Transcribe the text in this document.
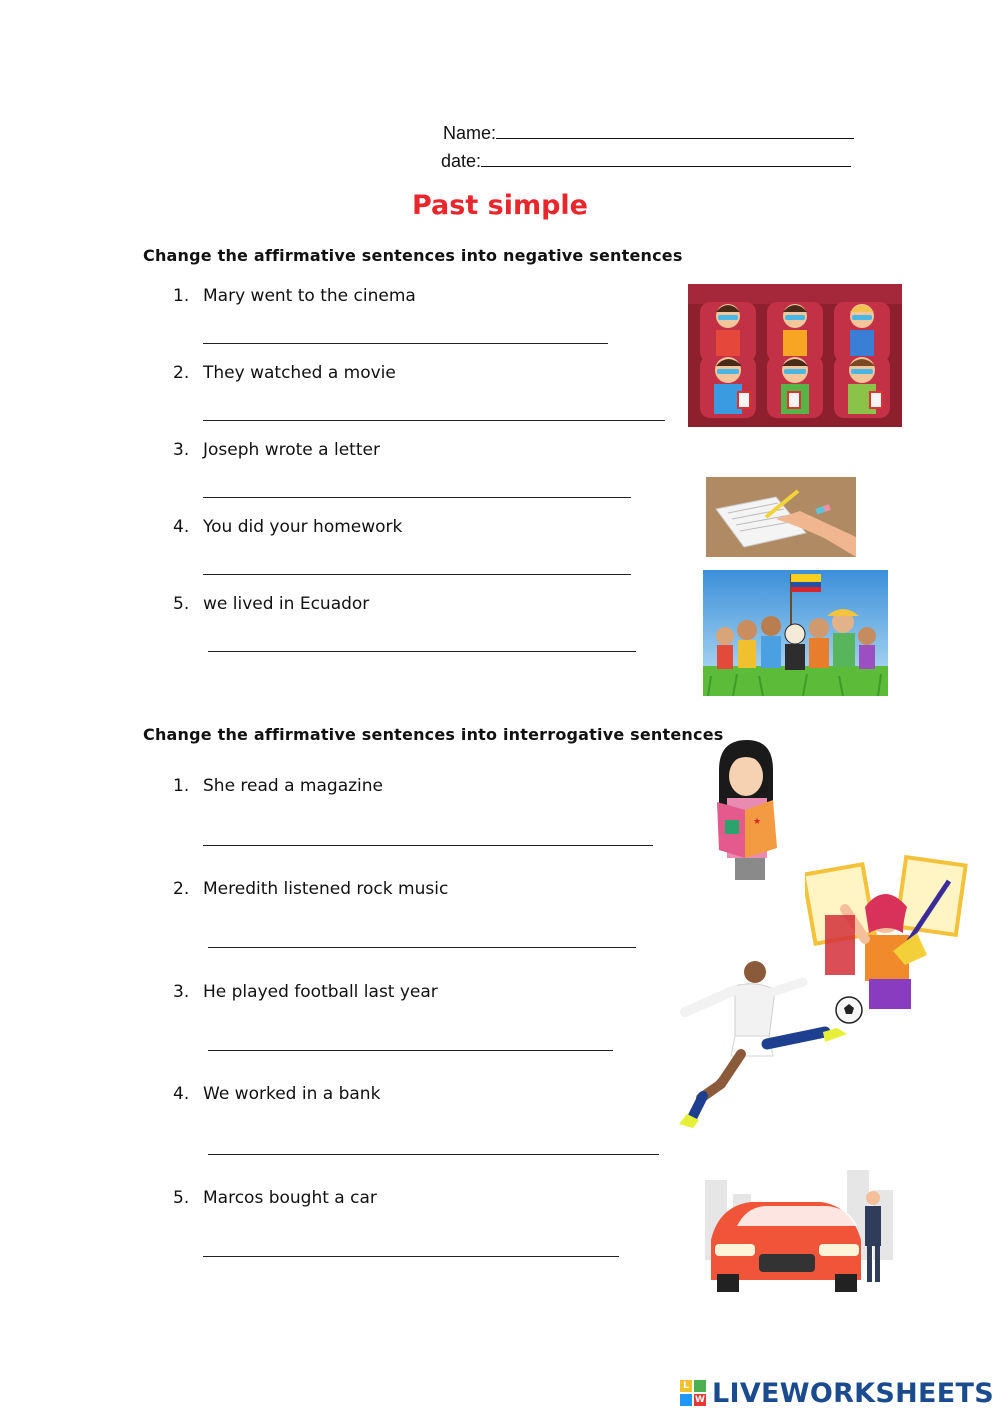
Name:
date:
Past simple
Change the affirmative sentences into negative sentences
1. Mary went to the cinema
2. They watched a movie
3. Joseph wrote a letter
4. You did your homework
5. we lived in Ecuador
Change the affirmative sentences into interrogative sentences
1. She read a magazine
2. Meredith listened rock music
3. He played football last year
4. We worked in a bank
5. Marcos bought a car
★
L
W LIVEWORKSHEETS
